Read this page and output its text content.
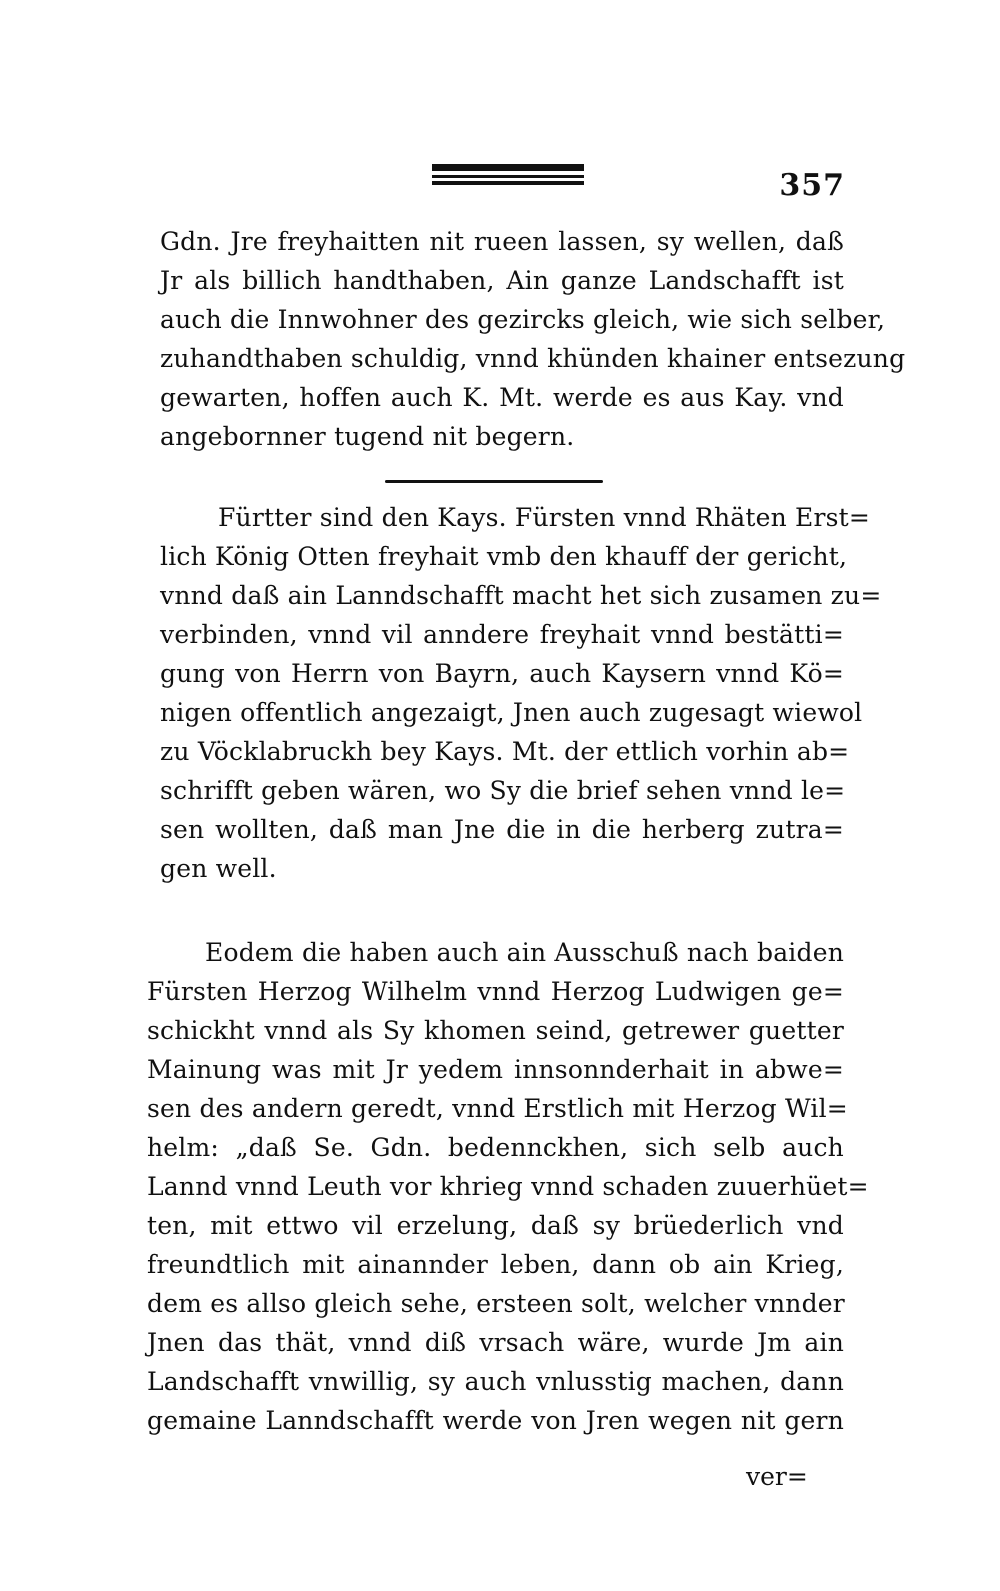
357
Gdn. Jre freyhaitten nit rueen lassen, sy wellen, daß
Jr als billich handthaben, Ain ganze Landschafft ist
auch die Innwohner des gezircks gleich, wie sich selber,
zuhandthaben schuldig, vnnd khünden khainer entsezung
gewarten, hoffen auch K. Mt. werde es aus Kay. vnd
angebornner tugend nit begern.
Fürtter sind den Kays. Fürsten vnnd Rhäten Erst=
lich König Otten freyhait vmb den khauff der gericht,
vnnd daß ain Lanndschafft macht het sich zusamen zu=
verbinden, vnnd vil anndere freyhait vnnd bestätti=
gung von Herrn von Bayrn, auch Kaysern vnnd Kö=
nigen offentlich angezaigt, Jnen auch zugesagt wiewol
zu Vöcklabruckh bey Kays. Mt. der ettlich vorhin ab=
schrifft geben wären, wo Sy die brief sehen vnnd le=
sen wollten, daß man Jne die in die herberg zutra=
gen well.
Eodem die haben auch ain Ausschuß nach baiden
Fürsten Herzog Wilhelm vnnd Herzog Ludwigen ge=
schickht vnnd als Sy khomen seind, getrewer guetter
Mainung was mit Jr yedem innsonnderhait in abwe=
sen des andern geredt, vnnd Erstlich mit Herzog Wil=
helm: „daß Se. Gdn. bedennckhen, sich selb auch
Lannd vnnd Leuth vor khrieg vnnd schaden zuuerhüet=
ten, mit ettwo vil erzelung, daß sy brüederlich vnd
freundtlich mit ainannder leben, dann ob ain Krieg,
dem es allso gleich sehe, ersteen solt, welcher vnnder
Jnen das thät, vnnd diß vrsach wäre, wurde Jm ain
Landschafft vnwillig, sy auch vnlusstig machen, dann
gemaine Lanndschafft werde von Jren wegen nit gern
ver=
